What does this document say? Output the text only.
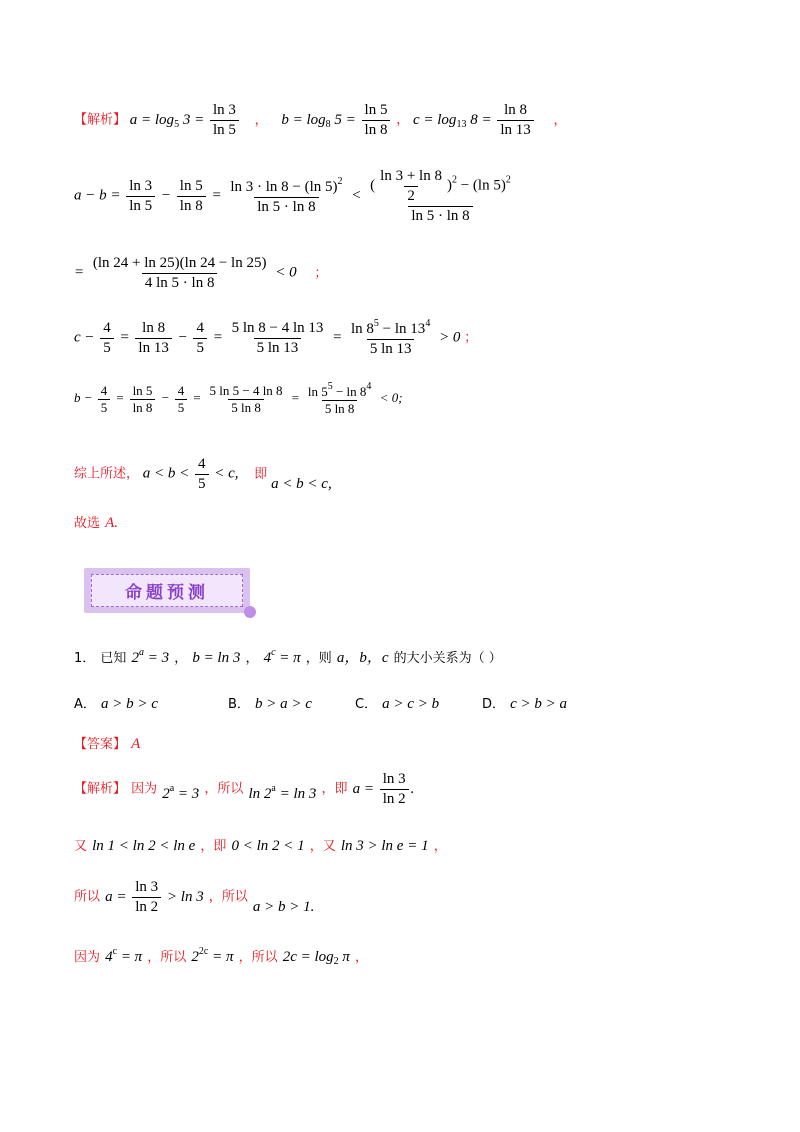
【解析】 $a = \log_5 3 = \frac{\ln 3}{\ln 5}$ ， $b = \log_8 5 = \frac{\ln 5}{\ln 8}$ ， $c = \log_{13} 8 = \frac{\ln 8}{\ln 13}$ ，
$a - b = \frac{\ln 3}{\ln 5} - \frac{\ln 5}{\ln 8} = \frac{\ln 3 \cdot \ln 8 - (\ln 5)^2}{\ln 5 \cdot \ln 8} < \frac{( \frac{\ln 3 + \ln 8}{2} )^2 - (\ln 5)^2}{\ln 5 \cdot \ln 8}$
= $\frac{(\ln 24 + \ln 25)(\ln 24 - \ln 25)}{4 \ln 5 \cdot \ln 8} < 0$ ；
$c - \frac{4}{5} = \frac{\ln 8}{\ln 13} - \frac{4}{5} = \frac{5 \ln 8 - 4 \ln 13}{5 \ln 13} = \frac{\ln 8^5 - \ln 13^4}{5 \ln 13} > 0$ ；
$b - \frac{4}{5} = \frac{\ln 5}{\ln 8} - \frac{4}{5} = \frac{5 \ln 5 - 4 \ln 8}{5 \ln 8} = \frac{\ln 5^5 - \ln 8^4}{5 \ln 8} < 0$;
综上所述， $a < b < \frac{4}{5} < c$, 即 a < b < c,
故选 A.
命题预测
1． 已知 $2^a = 3$ ， b = ln 3 ， $4^c = \pi$ ，则 a，b，c 的大小关系为（ ）
A． a > b > c	B． b > a > c	C． a > c > b	D． c > b > a
【答案】 A
【解析】 因为 $2^a = 3$ ，所以 $\ln 2^a = \ln 3$ ，即 $a = \frac{\ln 3}{\ln 2}$ .
又 ln 1 < ln 2 < ln e ，即 0 < ln 2 < 1 ，又 ln 3 > ln e = 1 ，
所以 $a = \frac{\ln 3}{\ln 2} > \ln 3$ ，所以 a > b > 1.
因为 $4^c = \pi$ ，所以 $2^{2c} = \pi$ ，所以 $2c = \log_2 \pi$ ，
